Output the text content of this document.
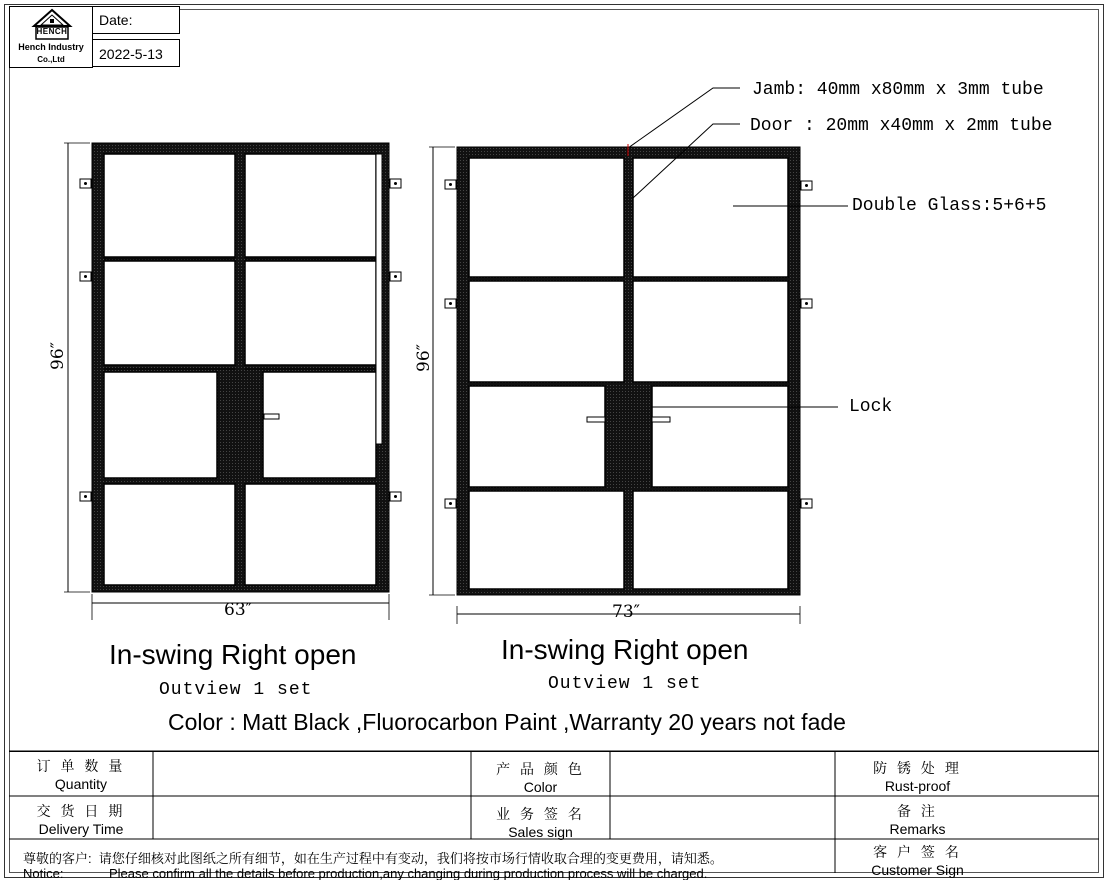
HENCH
Hench Industry
Co.,Ltd
Date:
2022-5-13
96″
63″
96″
73″
Jamb: 40mm x80mm x 3mm tube
Door : 20mm x40mm x 2mm tube
Double Glass:5+6+5
Lock
In-swing Right open
Outview 1 set
In-swing Right open
Outview 1 set
Color : Matt Black ,Fluorocarbon Paint ,Warranty 20 years not fade
订 单 数 量
Quantity
产 品 颜 色
Color
防 锈 处 理
Rust-proof
交 货 日 期
Delivery Time
业 务 签 名
Sales sign
备 注
Remarks
尊敬的客户: 请您仔细核对此图纸之所有细节，如在生产过程中有变动，我们将按市场行情收取合理的变更费用，请知悉。
Notice:	Please confirm all the details before production,any changing during production process will be charged.
客 户 签 名
Customer Sign
